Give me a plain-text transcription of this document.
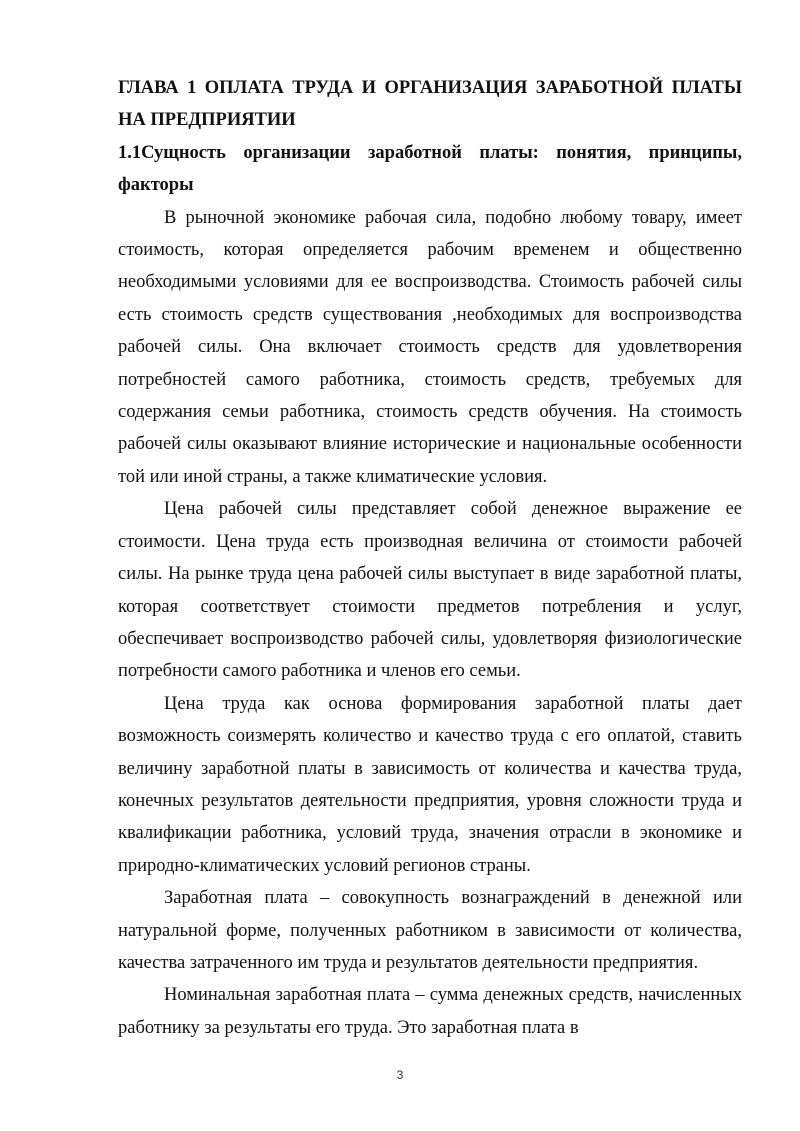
ГЛАВА 1 ОПЛАТА ТРУДА И ОРГАНИЗАЦИЯ ЗАРАБОТНОЙ ПЛАТЫ НА ПРЕДПРИЯТИИ

1.1Сущность организации заработной платы: понятия, принципы, факторы

В рыночной экономике рабочая сила, подобно любому товару, имеет стоимость, которая определяется рабочим временем и общественно необходимыми условиями для ее воспроизводства. Стоимость рабочей силы есть стоимость средств существования ,необходимых для воспроизводства рабочей силы. Она включает стоимость средств для удовлетворения потребностей самого работника, стоимость средств, требуемых для содержания семьи работника, стоимость средств обучения. На стоимость рабочей силы оказывают влияние исторические и национальные особенности той или иной страны, а также климатические условия.

Цена рабочей силы представляет собой денежное выражение ее стоимости. Цена труда есть производная величина от стоимости рабочей силы. На рынке труда цена рабочей силы выступает в виде заработной платы, которая соответствует стоимости предметов потребления и услуг, обеспечивает воспроизводство рабочей силы, удовлетворяя физиологические потребности самого работника и членов его семьи.

Цена труда как основа формирования заработной платы дает возможность соизмерять количество и качество труда с его оплатой, ставить величину заработной платы в зависимость от количества и качества труда, конечных результатов деятельности предприятия, уровня сложности труда и квалификации работника, условий труда, значения отрасли в экономике и природно-климатических условий регионов страны.

Заработная плата – совокупность вознаграждений в денежной или натуральной форме, полученных работником в зависимости от количества, качества затраченного им труда и результатов деятельности предприятия.

Номинальная заработная плата – сумма денежных средств, начисленных работнику за результаты его труда. Это заработная плата в

3
